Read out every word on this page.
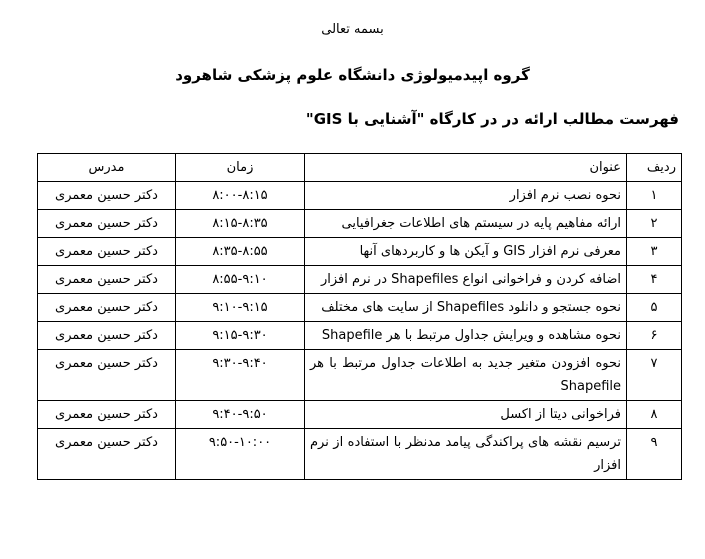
بسمه تعالی
گروه اپیدمیولوژی دانشگاه علوم پزشکی شاهرود
فهرست مطالب ارائه در در کارگاه "آشنایی با GIS"
ردیف	عنوان	زمان	مدرس
۱	نحوه نصب نرم افزار	۸:۰۰-۸:۱۵	دکتر حسین معمری
۲	ارائه مفاهیم پایه در سیستم های اطلاعات جغرافیایی	۸:۱۵-۸:۳۵	دکتر حسین معمری
۳	معرفی نرم افزار GIS و آیکن ها و کاربردهای آنها	۸:۳۵-۸:۵۵	دکتر حسین معمری
۴	اضافه کردن و فراخوانی انواع Shapefiles در نرم افزار	۸:۵۵-۹:۱۰	دکتر حسین معمری
۵	نحوه جستجو و دانلود Shapefiles از سایت های مختلف	۹:۱۰-۹:۱۵	دکتر حسین معمری
۶	نحوه مشاهده و ویرایش جداول مرتبط با هر Shapefile	۹:۱۵-۹:۳۰	دکتر حسین معمری
۷	نحوه افزودن متغیر جدید به اطلاعات جداول مرتبط با هر Shapefile	۹:۳۰-۹:۴۰	دکتر حسین معمری
۸	فراخوانی دیتا از اکسل	۹:۴۰-۹:۵۰	دکتر حسین معمری
۹	ترسیم نقشه های پراکندگی پیامد مدنظر با استفاده از نرم افزار	۹:۵۰-۱۰:۰۰	دکتر حسین معمری
